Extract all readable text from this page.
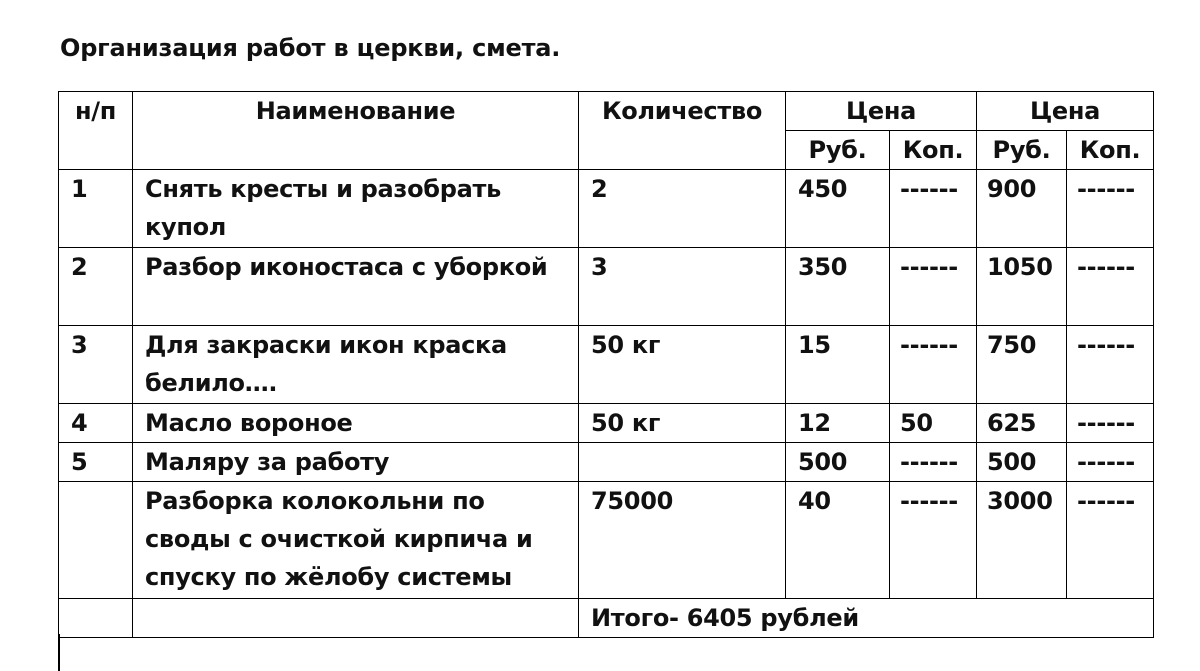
Организация работ в церкви, смета.
н/п	Наименование	Количество	Цена		Цена	
			Руб.	Коп.	Руб.	Коп.
1	Снять кресты и разобрать купол	2	450	------	900	------
2	Разбор иконостаса с уборкой	3	350	------	1050	------
3	Для закраски икон краска белило….	50 кг	15	------	750	------
4	Масло вороное	50 кг	12	50	625	------
5	Маляру за работу		500	------	500	------
	Разборка колокольни по своды с очисткой кирпича и спуску по жёлобу системы	75000	40	------	3000	------
		Итого- 6405 рублей				
